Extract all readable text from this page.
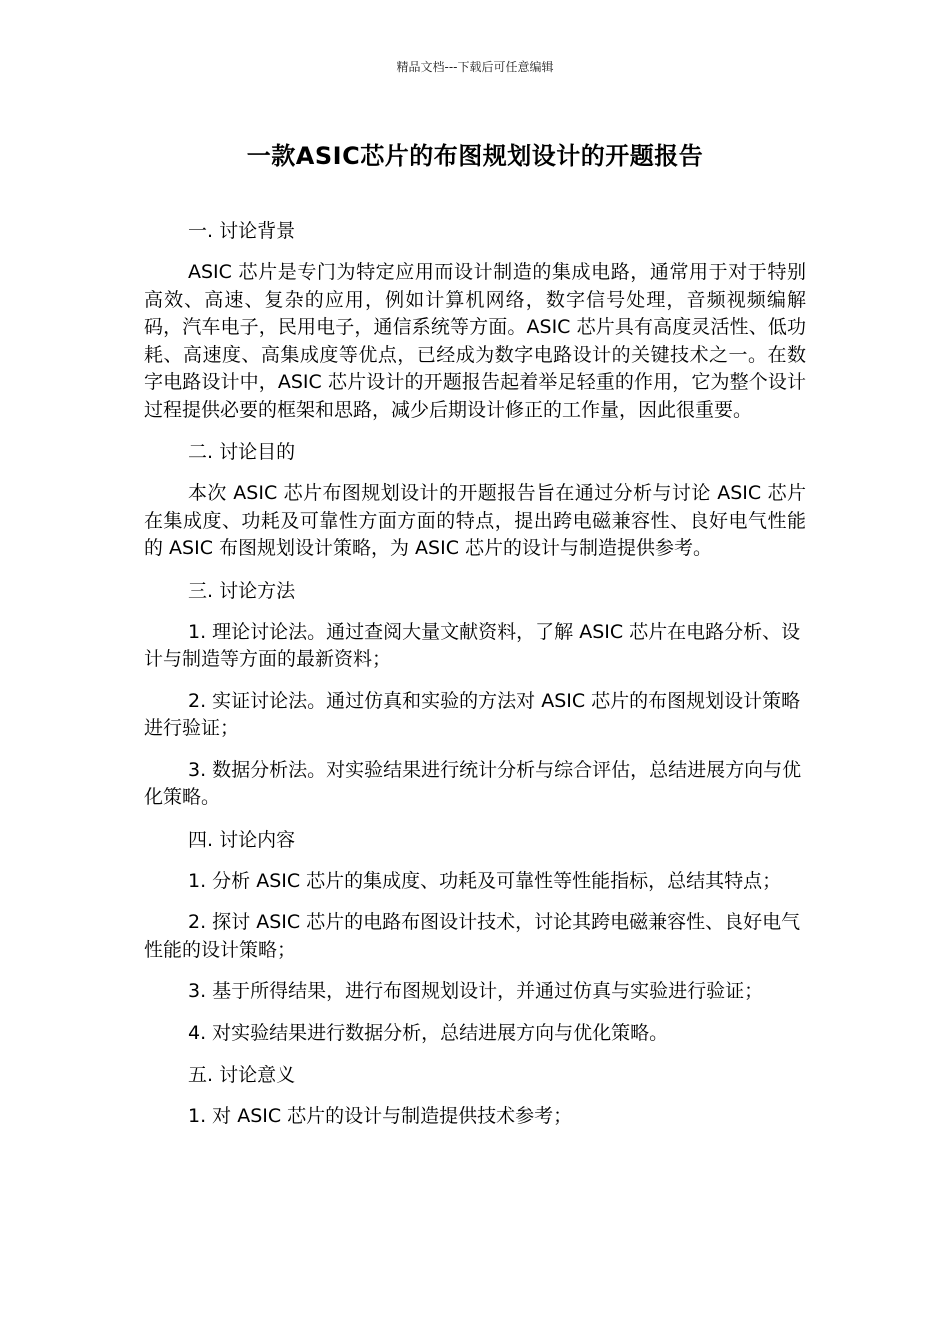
精品文档---下载后可任意编辑
一款ASIC芯片的布图规划设计的开题报告

一. 讨论背景

ASIC 芯片是专门为特定应用而设计制造的集成电路，通常用于对于特别高效、高速、复杂的应用，例如计算机网络，数字信号处理，音频视频编解码，汽车电子，民用电子，通信系统等方面。ASIC 芯片具有高度灵活性、低功耗、高速度、高集成度等优点，已经成为数字电路设计的关键技术之一。在数字电路设计中，ASIC 芯片设计的开题报告起着举足轻重的作用，它为整个设计过程提供必要的框架和思路，减少后期设计修正的工作量，因此很重要。

二. 讨论目的

本次 ASIC 芯片布图规划设计的开题报告旨在通过分析与讨论 ASIC 芯片在集成度、功耗及可靠性方面方面的特点，提出跨电磁兼容性、良好电气性能的 ASIC 布图规划设计策略，为 ASIC 芯片的设计与制造提供参考。

三. 讨论方法

1. 理论讨论法。通过查阅大量文献资料，了解 ASIC 芯片在电路分析、设计与制造等方面的最新资料；

2. 实证讨论法。通过仿真和实验的方法对 ASIC 芯片的布图规划设计策略进行验证；

3. 数据分析法。对实验结果进行统计分析与综合评估，总结进展方向与优化策略。

四. 讨论内容

1. 分析 ASIC 芯片的集成度、功耗及可靠性等性能指标，总结其特点；

2. 探讨 ASIC 芯片的电路布图设计技术，讨论其跨电磁兼容性、良好电气性能的设计策略；

3. 基于所得结果，进行布图规划设计，并通过仿真与实验进行验证；

4. 对实验结果进行数据分析，总结进展方向与优化策略。

五. 讨论意义

1. 对 ASIC 芯片的设计与制造提供技术参考；
